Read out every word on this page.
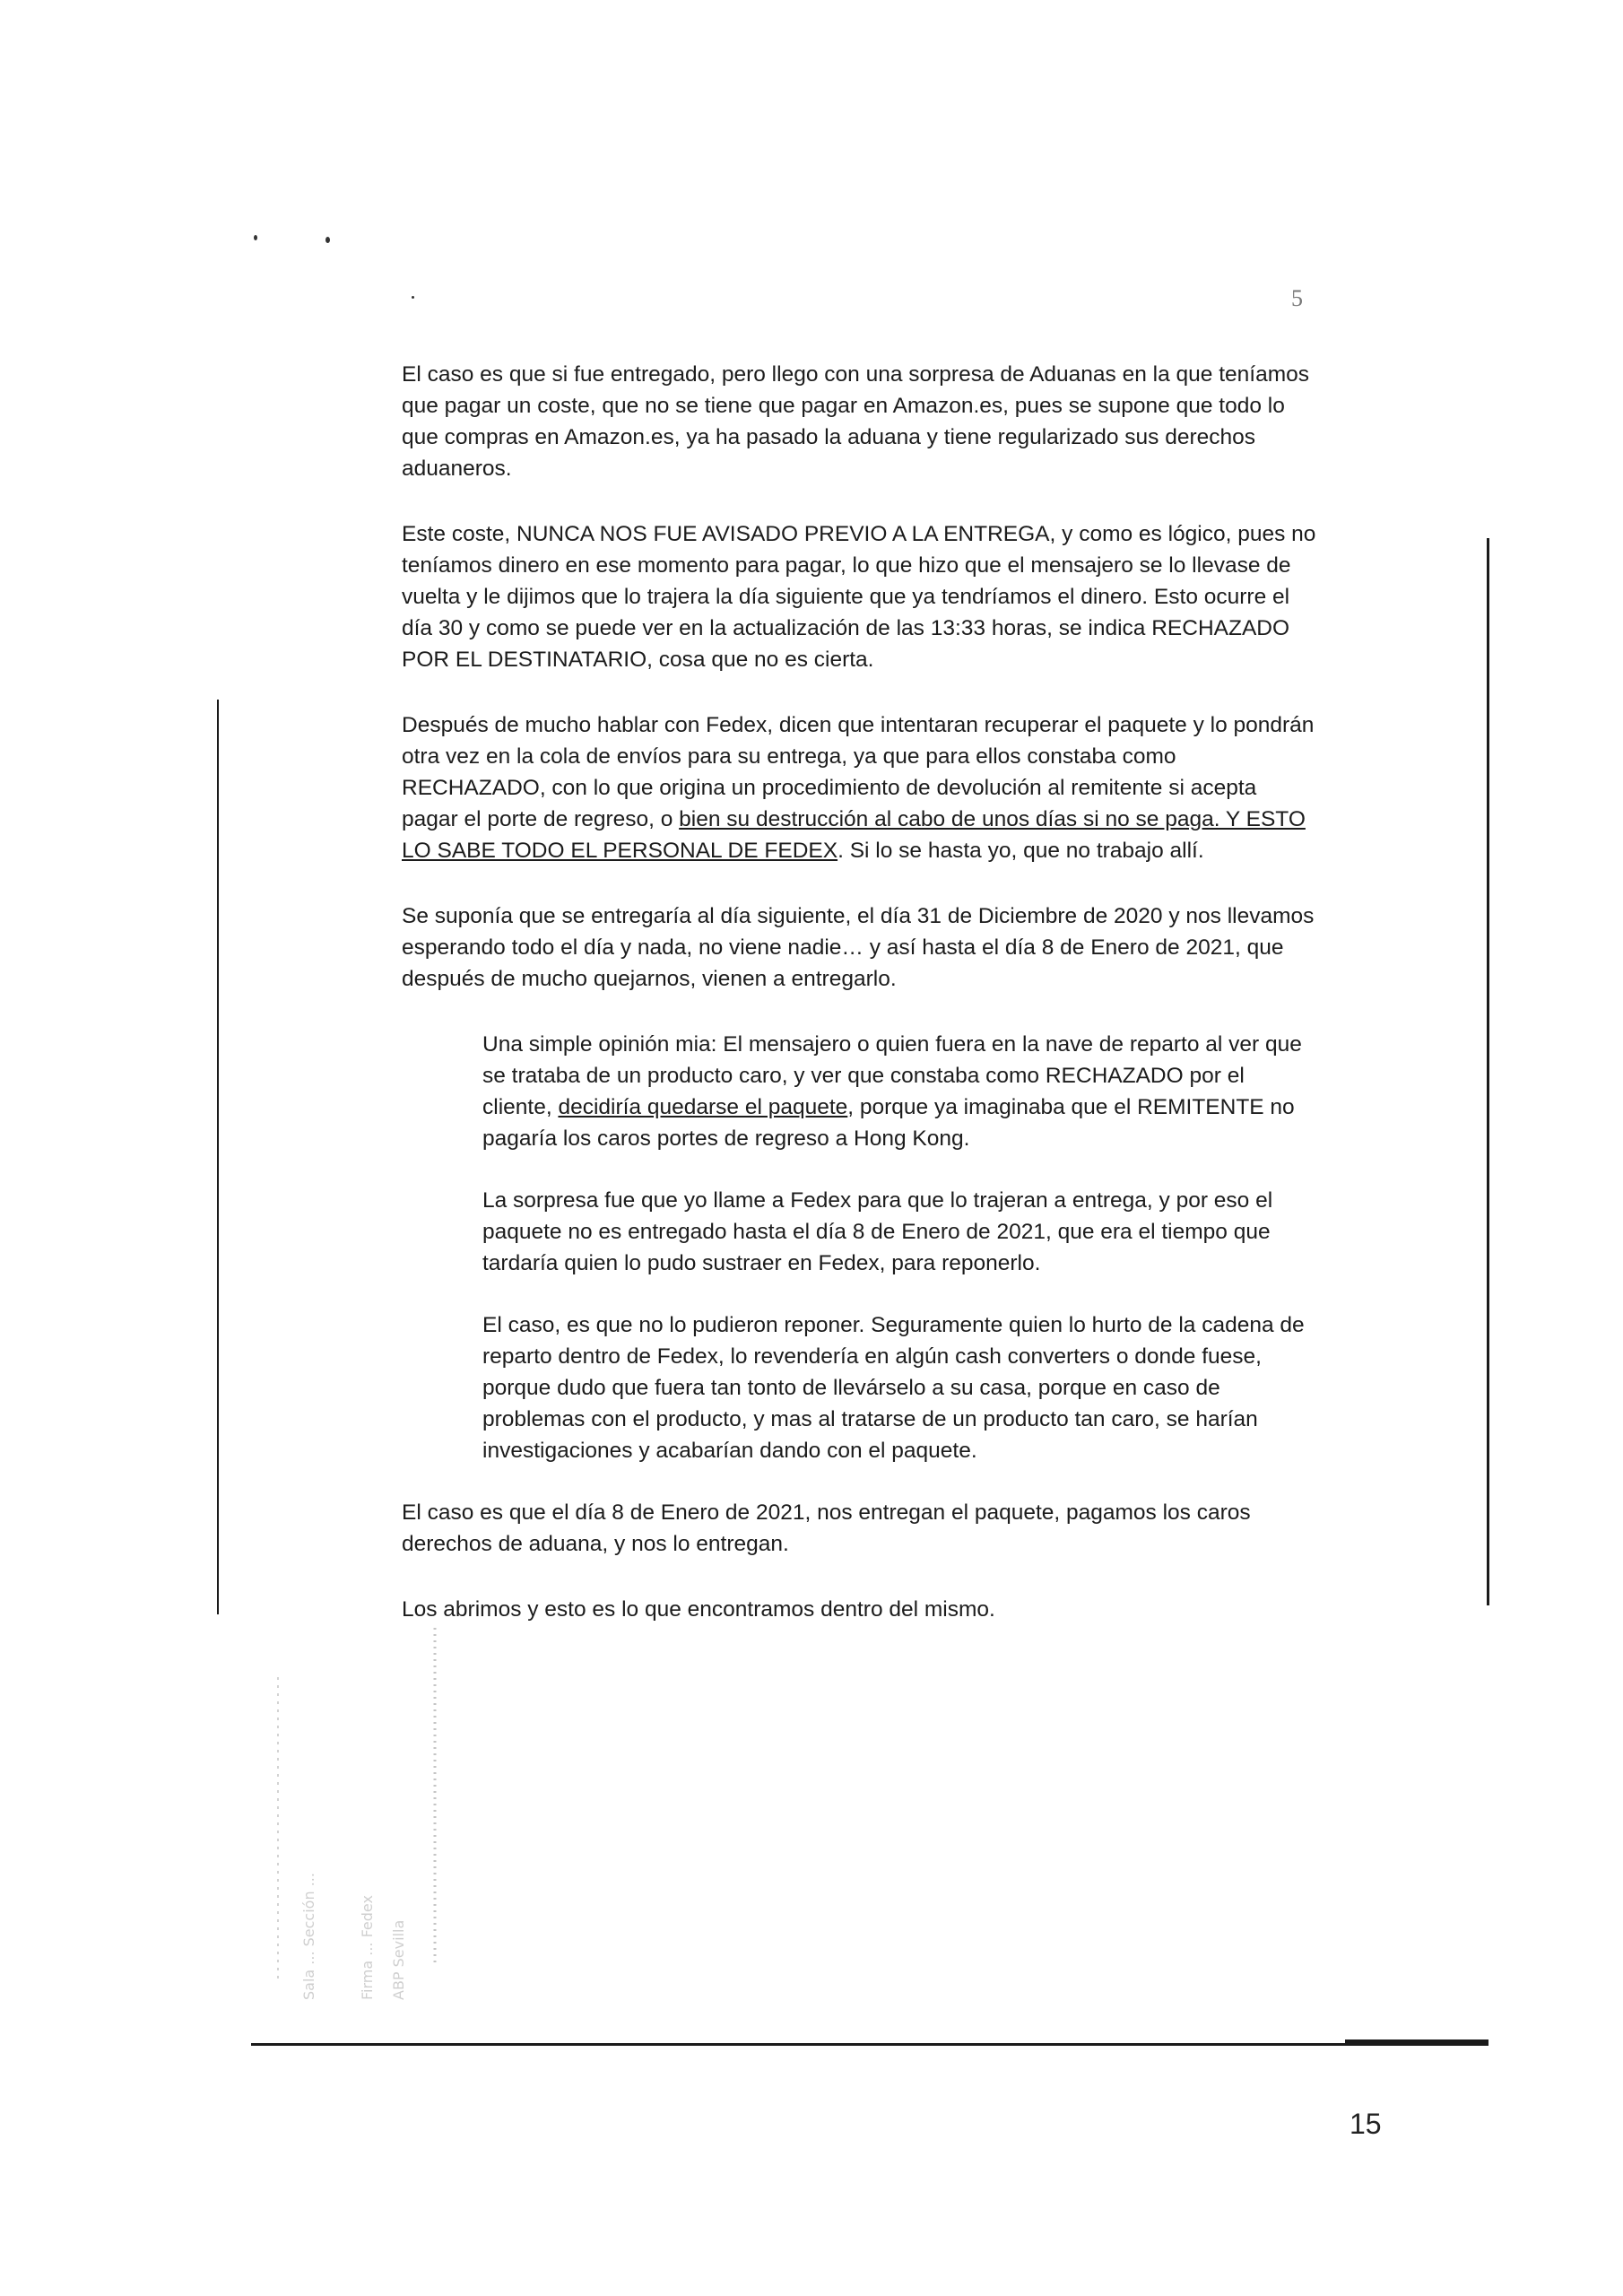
5

El caso es que si fue entregado, pero llego con una sorpresa de Aduanas en la que teníamos que pagar un coste, que no se tiene que pagar en Amazon.es, pues se supone que todo lo que compras en Amazon.es, ya ha pasado la aduana y tiene regularizado sus derechos aduaneros.

Este coste, NUNCA NOS FUE AVISADO PREVIO A LA ENTREGA, y como es lógico, pues no teníamos dinero en ese momento para pagar, lo que hizo que el mensajero se lo llevase de vuelta y le dijimos que lo trajera la día siguiente que ya tendríamos el dinero. Esto ocurre el día 30 y como se puede ver en la actualización de las 13:33 horas, se indica RECHAZADO POR EL DESTINATARIO, cosa que no es cierta.

Después de mucho hablar con Fedex, dicen que intentaran recuperar el paquete y lo pondrán otra vez en la cola de envíos para su entrega, ya que para ellos constaba como RECHAZADO, con lo que origina un procedimiento de devolución al remitente si acepta pagar el porte de regreso, o bien su destrucción al cabo de unos días si no se paga. Y ESTO LO SABE TODO EL PERSONAL DE FEDEX. Si lo se hasta yo, que no trabajo allí.

Se suponía que se entregaría al día siguiente, el día 31 de Diciembre de 2020 y nos llevamos esperando todo el día y nada, no viene nadie… y así hasta el día 8 de Enero de 2021, que después de mucho quejarnos, vienen a entregarlo.

Una simple opinión mia: El mensajero o quien fuera en la nave de reparto al ver que se trataba de un producto caro, y ver que constaba como RECHAZADO por el cliente, decidiría quedarse el paquete, porque ya imaginaba que el REMITENTE no pagaría los caros portes de regreso a Hong Kong.

La sorpresa fue que yo llame a Fedex para que lo trajeran a entrega, y por eso el paquete no es entregado hasta el día 8 de Enero de 2021, que era el tiempo que tardaría quien lo pudo sustraer en Fedex, para reponerlo.

El caso, es que no lo pudieron reponer. Seguramente quien lo hurto de la cadena de reparto dentro de Fedex, lo revendería en algún cash converters o donde fuese, porque dudo que fuera tan tonto de llevárselo a su casa, porque en caso de problemas con el producto, y mas al tratarse de un producto tan caro, se harían investigaciones y acabarían dando con el paquete.

El caso es que el día 8 de Enero de 2021, nos entregan el paquete, pagamos los caros derechos de aduana, y nos lo entregan.

Los abrimos y esto es lo que encontramos dentro del mismo.

Sala ... Sección ...	Firma ... Fedex ABP Sevilla
15
